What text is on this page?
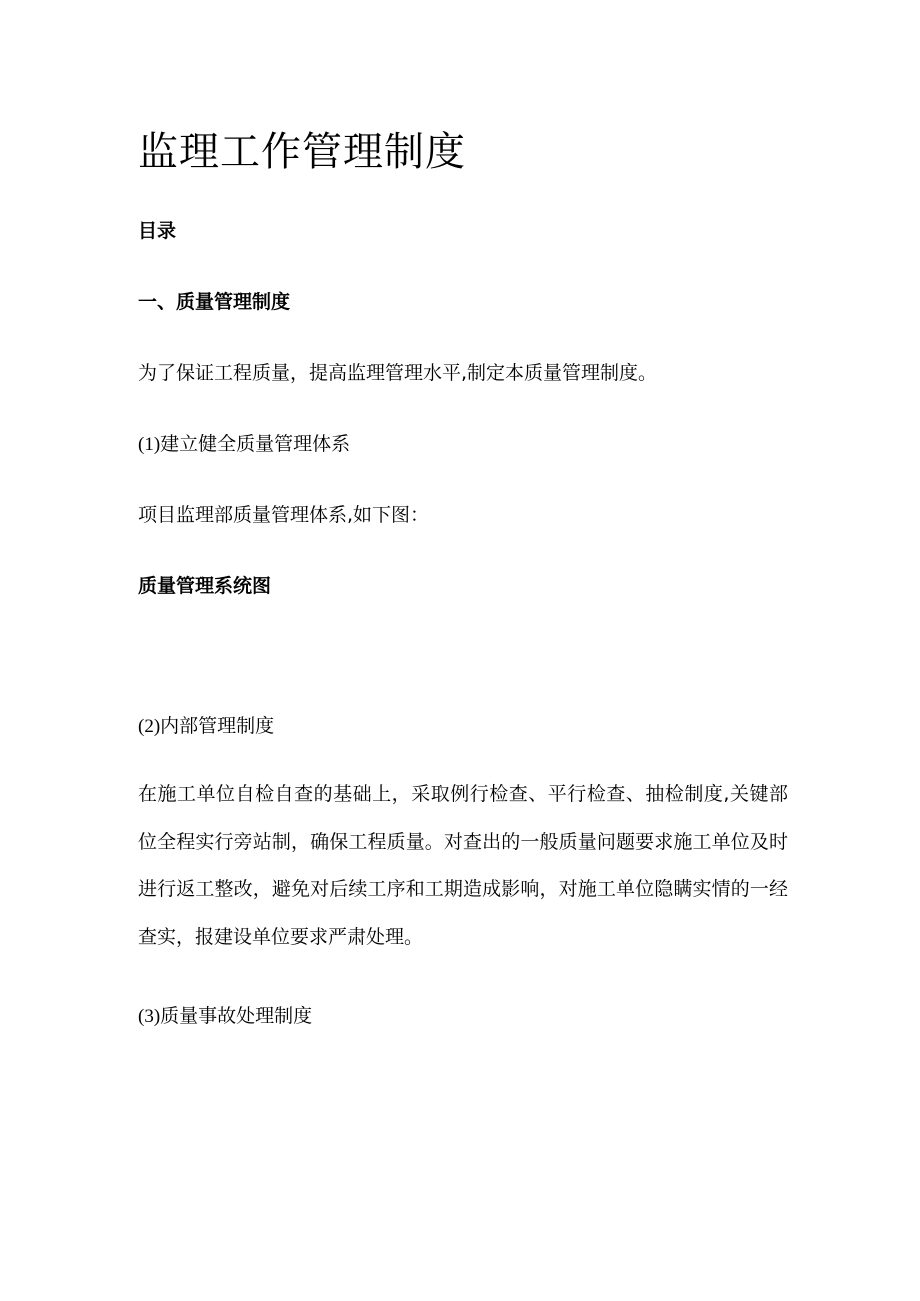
监理工作管理制度
目录
一、质量管理制度

为了保证工程质量，提高监理管理水平,制定本质量管理制度。

(1)建立健全质量管理体系

项目监理部质量管理体系,如下图：

质量管理系统图
(2)内部管理制度

在施工单位自检自查的基础上，采取例行检查、平行检查、抽检制度,关键部位全程实行旁站制，确保工程质量。对查出的一般质量问题要求施工单位及时进行返工整改，避免对后续工序和工期造成影响，对施工单位隐瞒实情的一经查实，报建设单位要求严肃处理。

(3)质量事故处理制度
